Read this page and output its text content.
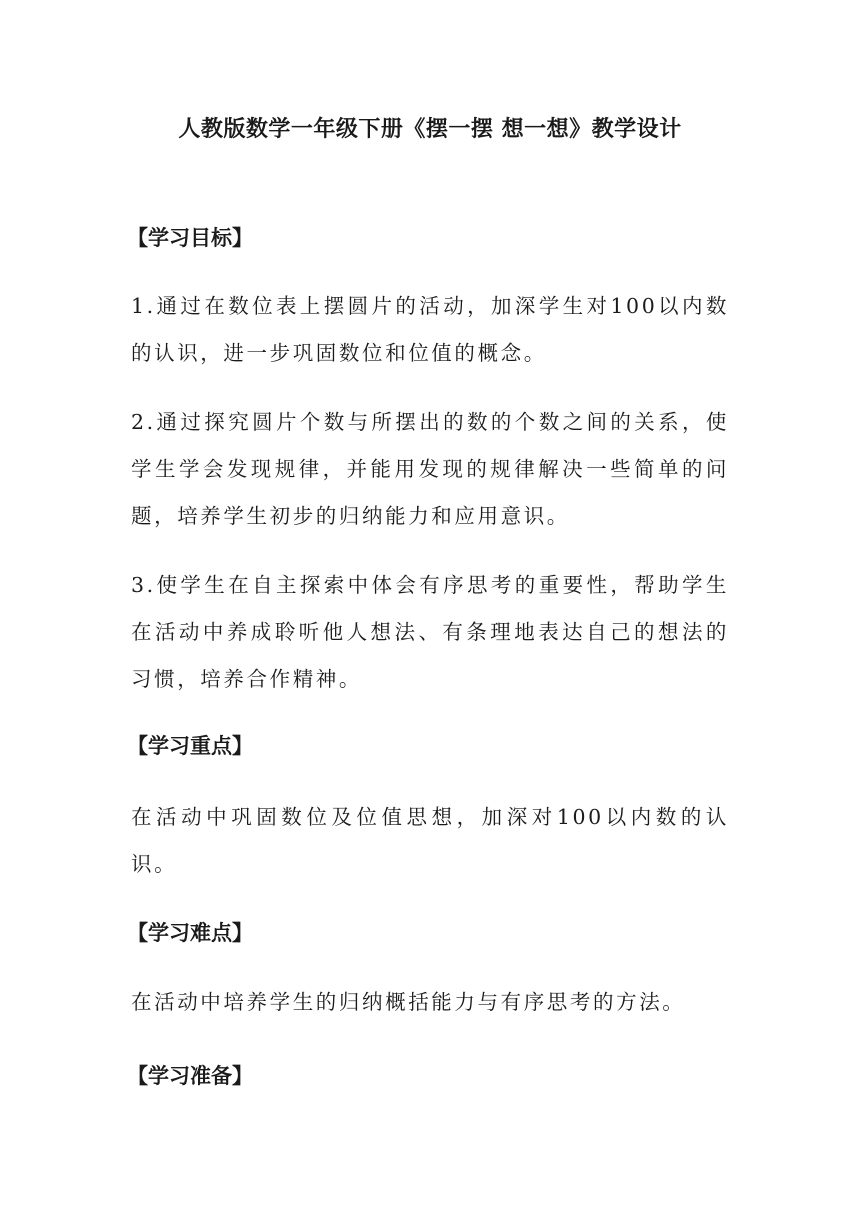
人教版数学一年级下册《摆一摆 想一想》教学设计
【学习目标】

1.通过在数位表上摆圆片的活动，加深学生对100以内数的认识，进一步巩固数位和位值的概念。

2.通过探究圆片个数与所摆出的数的个数之间的关系，使学生学会发现规律，并能用发现的规律解决一些简单的问题，培养学生初步的归纳能力和应用意识。

3.使学生在自主探索中体会有序思考的重要性，帮助学生在活动中养成聆听他人想法、有条理地表达自己的想法的习惯，培养合作精神。

【学习重点】

在活动中巩固数位及位值思想，加深对100以内数的认识。

【学习难点】

在活动中培养学生的归纳概括能力与有序思考的方法。

【学习准备】
